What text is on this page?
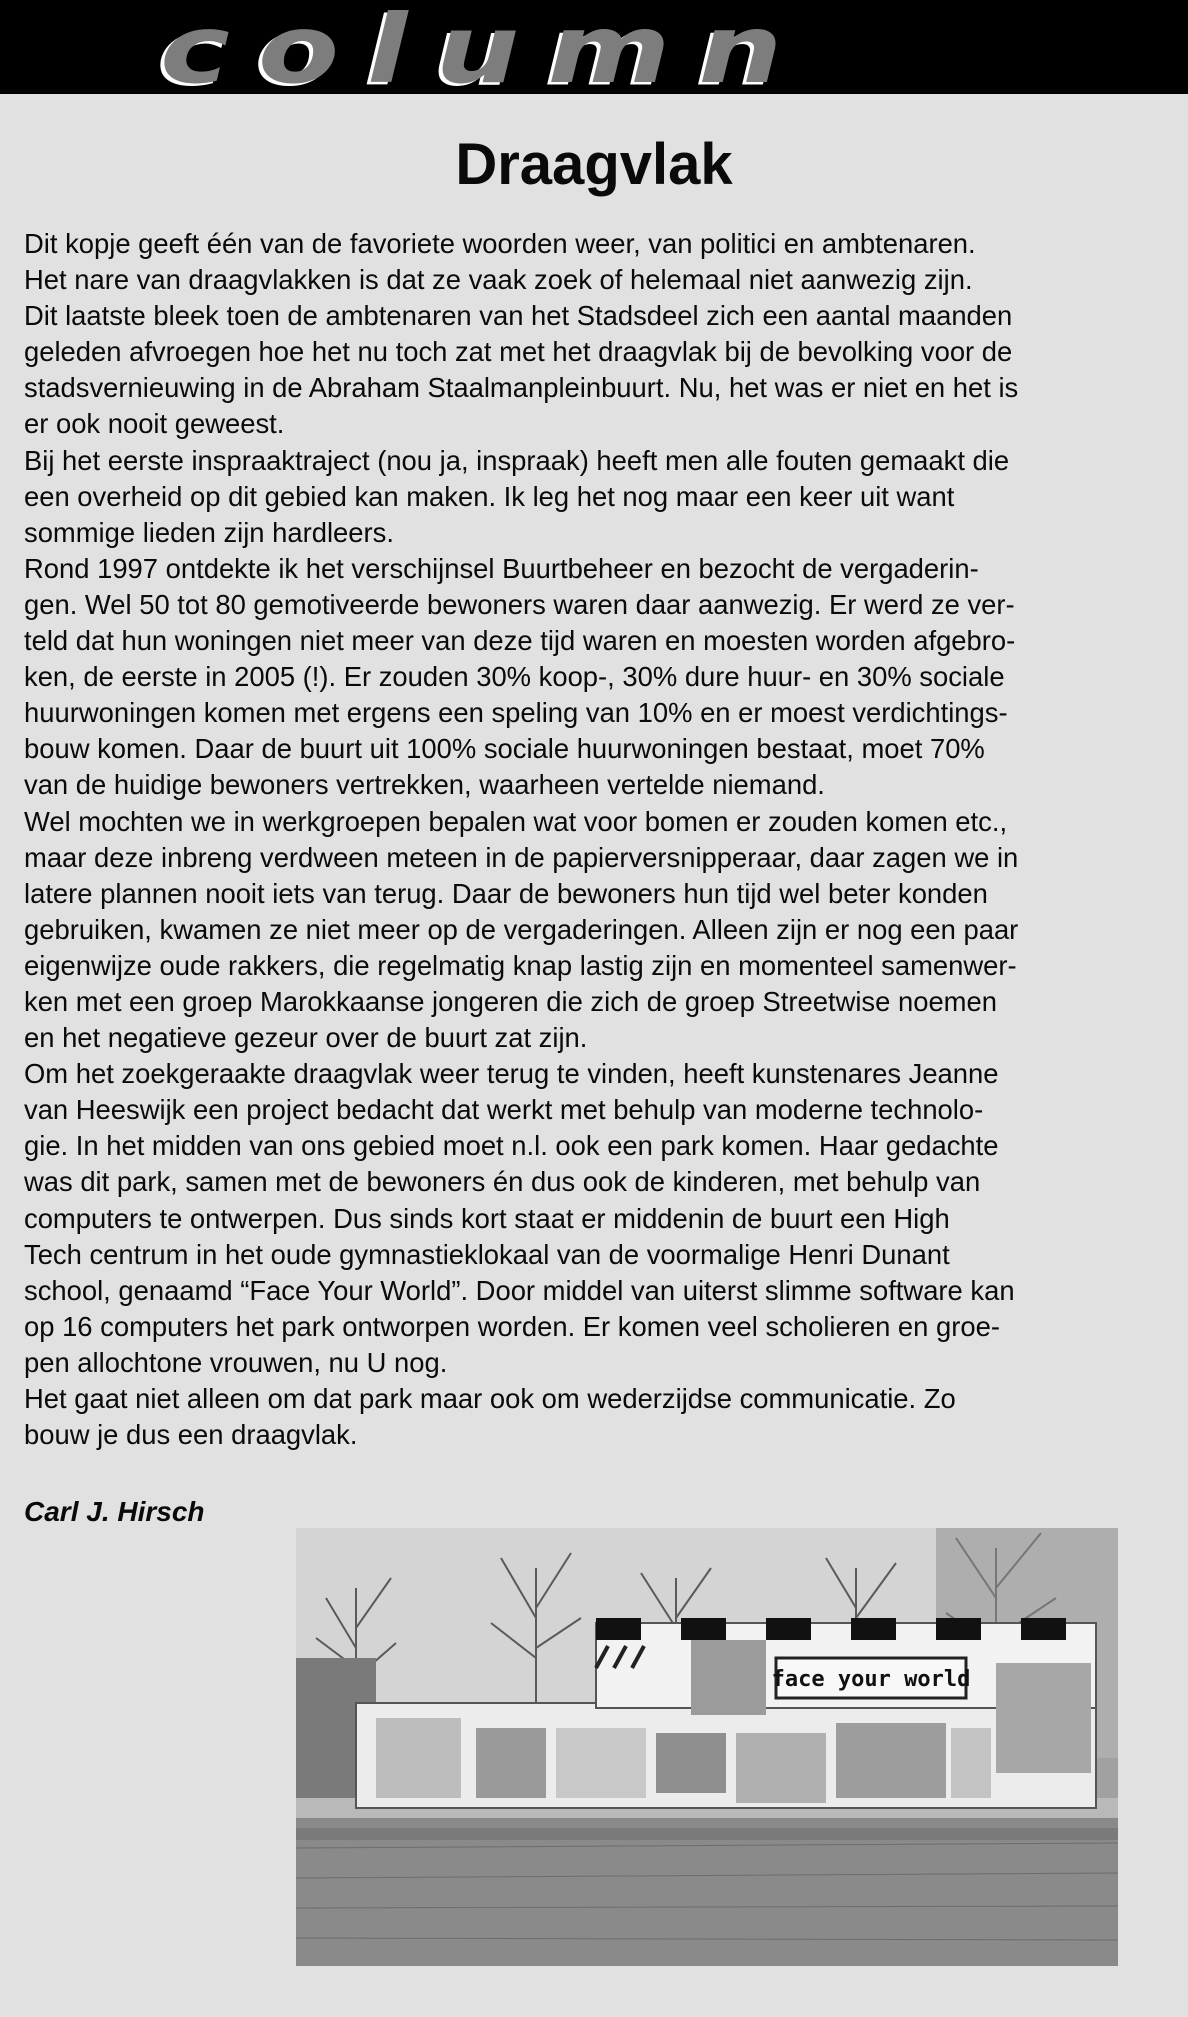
column
Draagvlak

Dit kopje geeft één van de favoriete woorden weer, van politici en ambtenaren.

Het nare van draagvlakken is dat ze vaak zoek of helemaal niet aanwezig zijn.

Dit laatste bleek toen de ambtenaren van het Stadsdeel zich een aantal maanden

geleden afvroegen hoe het nu toch zat met het draagvlak bij de bevolking voor de

stadsvernieuwing in de Abraham Staalmanpleinbuurt. Nu, het was er niet en het is

er ook nooit geweest.

Bij het eerste inspraaktraject (nou ja, inspraak) heeft men alle fouten gemaakt die

een overheid op dit gebied kan maken. Ik leg het nog maar een keer uit want

sommige lieden zijn hardleers.

Rond 1997 ontdekte ik het verschijnsel Buurtbeheer en bezocht de vergaderin-

gen. Wel 50 tot 80 gemotiveerde bewoners waren daar aanwezig. Er werd ze ver-

teld dat hun woningen niet meer van deze tijd waren en moesten worden afgebro-

ken, de eerste in 2005 (!). Er zouden 30% koop-, 30% dure huur- en 30% sociale

huurwoningen komen met ergens een speling van 10% en er moest verdichtings-

bouw komen. Daar de buurt uit 100% sociale huurwoningen bestaat, moet 70%

van de huidige bewoners vertrekken, waarheen vertelde niemand.

Wel mochten we in werkgroepen bepalen wat voor bomen er zouden komen etc.,

maar deze inbreng verdween meteen in de papierversnipperaar, daar zagen we in

latere plannen nooit iets van terug. Daar de bewoners hun tijd wel beter konden

gebruiken, kwamen ze niet meer op de vergaderingen. Alleen zijn er nog een paar

eigenwijze oude rakkers, die regelmatig knap lastig zijn en momenteel samenwer-

ken met een groep Marokkaanse jongeren die zich de groep Streetwise noemen

en het negatieve gezeur over de buurt zat zijn.

Om het zoekgeraakte draagvlak weer terug te vinden, heeft kunstenares Jeanne

van Heeswijk een project bedacht dat werkt met behulp van moderne technolo-

gie. In het midden van ons gebied moet n.l. ook een park komen. Haar gedachte

was dit park, samen met de bewoners én dus ook de kinderen, met behulp van

computers te ontwerpen. Dus sinds kort staat er middenin de buurt een High

Tech centrum in het oude gymnastieklokaal van de voormalige Henri Dunant

school, genaamd “Face Your World”. Door middel van uiterst slimme software kan

op 16 computers het park ontworpen worden. Er komen veel scholieren en groe-

pen allochtone vrouwen, nu U nog.

Het gaat niet alleen om dat park maar ook om wederzijdse communicatie. Zo

bouw je dus een draagvlak.

Carl J. Hirsch
face your world
